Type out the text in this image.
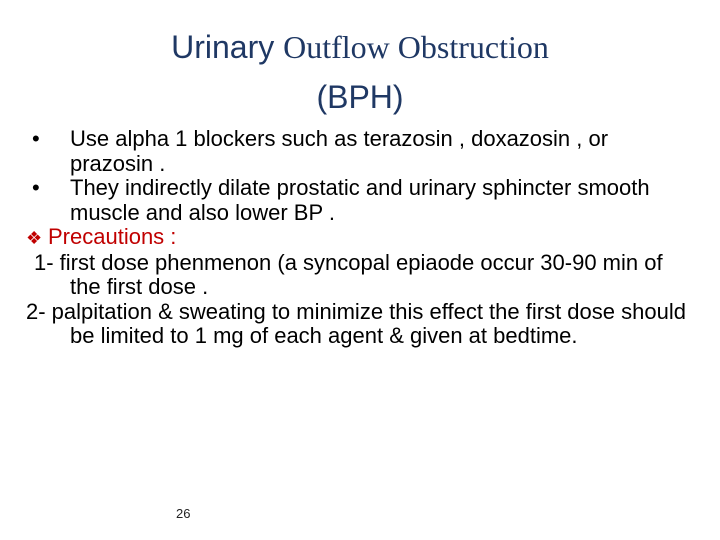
Urinary Outflow Obstruction
(BPH)

• Use alpha 1 blockers such as terazosin , doxazosin , or prazosin .

• They indirectly dilate prostatic and urinary sphincter smooth muscle and also lower BP .

❖ Precautions :

1- first dose phenmenon (a syncopal epiaode occur 30-90 min of the first dose .

2- palpitation & sweating to minimize this effect the first dose should be limited to 1 mg of each agent & given at bedtime.

26
